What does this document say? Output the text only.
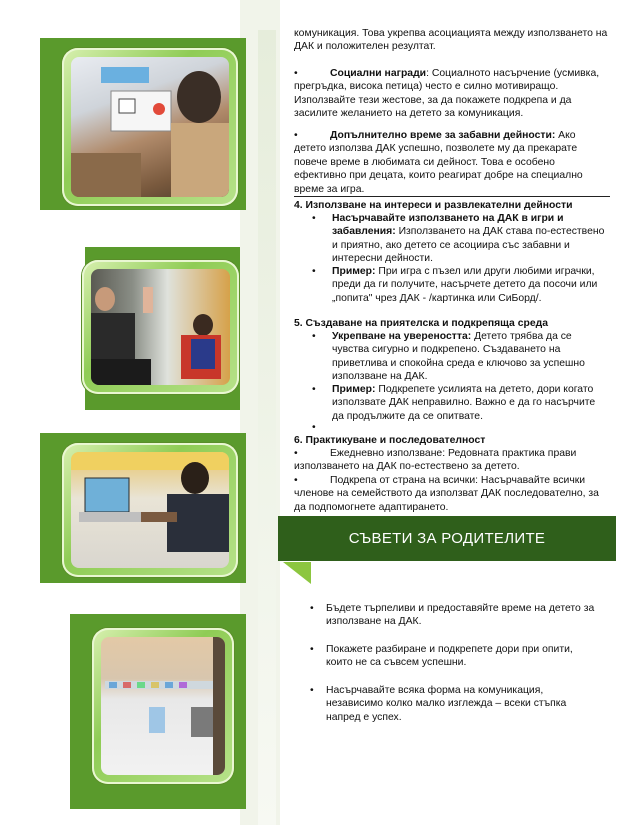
комуникация. Това укрепва асоциацията между използването на ДАК и положителен резултат.
•	Социални награди: Социалното насърчение (усмивка, прегръдка, висока петица) често е силно мотивиращо. Използвайте тези жестове, за да покажете подкрепа и да засилите желанието на детето за комуникация.
•	Допълнително време за забавни дейности: Ако детето използва ДАК успешно, позволете му да прекарате повече време в любимата си дейност. Това е особено ефективно при децата, които реагират добре на специално време за игра.
4. Използване на интереси и развлекателни дейности
• Насърчавайте използването на ДАК в игри и забавления: Използването на ДАК става по-естествено и приятно, ако детето се асоциира със забавни и интересни дейности.
• Пример: При игра с пъзел или други любими играчки, преди да ги получите, насърчете детето да посочи или „попита" чрез ДАК - /картинка или СиБорд/.
5. Създаване на приятелска и подкрепяща среда
• Укрепване на увереността: Детето трябва да се чувства сигурно и подкрепено. Създаването на приветлива и спокойна среда е ключово за успешно използване на ДАК.
• Пример: Подкрепете усилията на детето, дори когато използвате ДАК неправилно. Важно е да го насърчите да продължите да се опитвате.
•
6. Практикуване и последователност
•	Ежедневно използване: Редовната практика прави използването на ДАК по-естествено за детето.
•	Подкрепа от страна на всички: Насърчавайте всички членове на семейството да използват ДАК последователно, за да подпомогнете адаптирането.
СЪВЕТИ ЗА РОДИТЕЛИТЕ
• Бъдете търпеливи и предоставяйте време на детето за използване на ДАК.
• Покажете разбиране и подкрепете дори при опити, които не са съвсем успешни.
• Насърчавайте всяка форма на комуникация, независимо колко малко изглежда – всеки стъпка напред е успех.
